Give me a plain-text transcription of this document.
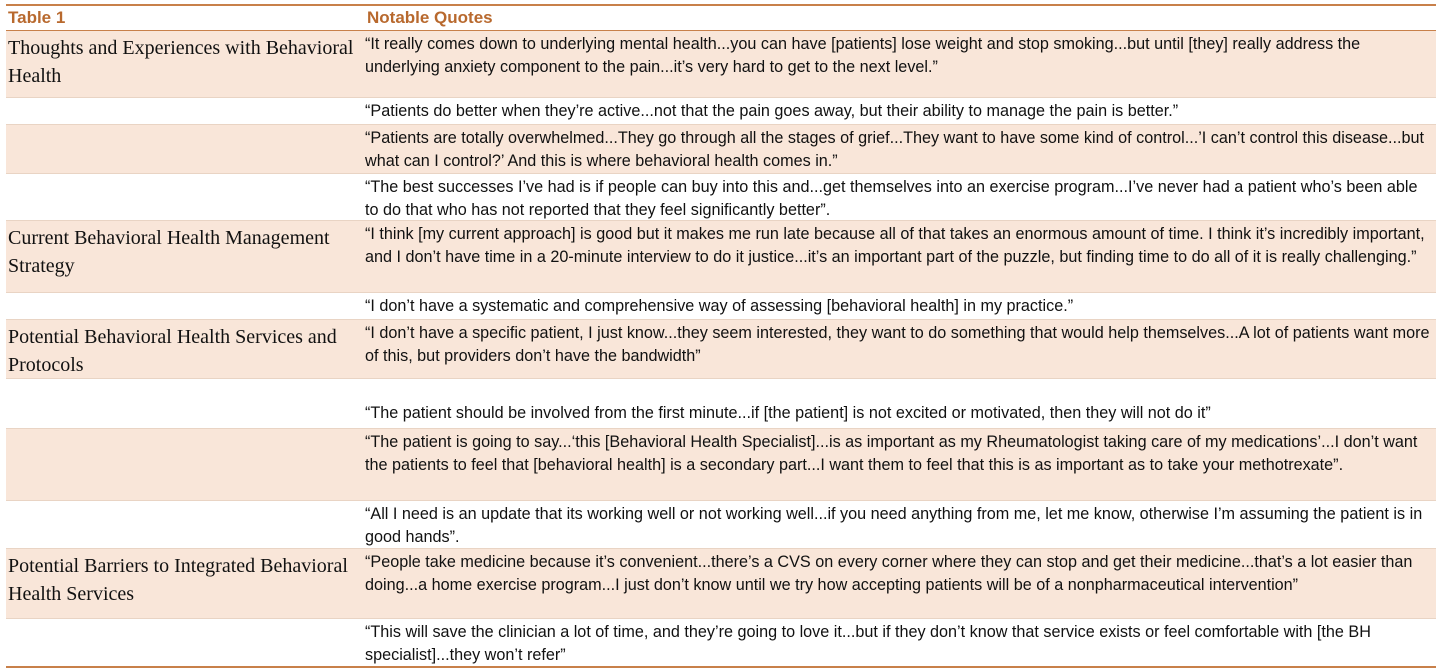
Table 1	Notable Quotes
Thoughts and Experiences with Behavioral Health
“It really comes down to underlying mental health...you can have [patients] lose weight and stop smoking...but until [they] really address the underlying anxiety component to the pain...it’s very hard to get to the next level.”
“Patients do better when they’re active...not that the pain goes away, but their ability to manage the pain is better.”
“Patients are totally overwhelmed...They go through all the stages of grief...They want to have some kind of control...’I can’t control this disease...but what can I control?’ And this is where behavioral health comes in.”
“The best successes I’ve had is if people can buy into this and...get themselves into an exercise program...I’ve never had a patient who’s been able to do that who has not reported that they feel significantly better”.
Current Behavioral Health Management Strategy
“I think [my current approach] is good but it makes me run late because all of that takes an enormous amount of time. I think it’s incredibly important, and I don’t have time in a 20-minute interview to do it justice...it’s an important part of the puzzle, but finding time to do all of it is really challenging.”
“I don’t have a systematic and comprehensive way of assessing [behavioral health] in my practice.”
Potential Behavioral Health Services and Protocols
“I don’t have a specific patient, I just know...they seem interested, they want to do something that would help themselves...A lot of patients want more of this, but providers don’t have the bandwidth”
“The patient should be involved from the first minute...if [the patient] is not excited or motivated, then they will not do it”
“The patient is going to say...‘this [Behavioral Health Specialist]...is as important as my Rheumatologist taking care of my medications’...I don’t want the patients to feel that [behavioral health] is a secondary part...I want them to feel that this is as important as to take your methotrexate”.
“All I need is an update that its working well or not working well...if you need anything from me, let me know, otherwise I’m assuming the patient is in good hands”.
Potential Barriers to Integrated Behavioral Health Services
“People take medicine because it’s convenient...there’s a CVS on every corner where they can stop and get their medicine...that’s a lot easier than doing...a home exercise program...I just don’t know until we try how accepting patients will be of a nonpharmaceutical intervention”
“This will save the clinician a lot of time, and they’re going to love it...but if they don’t know that service exists or feel comfortable with [the BH specialist]...they won’t refer”
